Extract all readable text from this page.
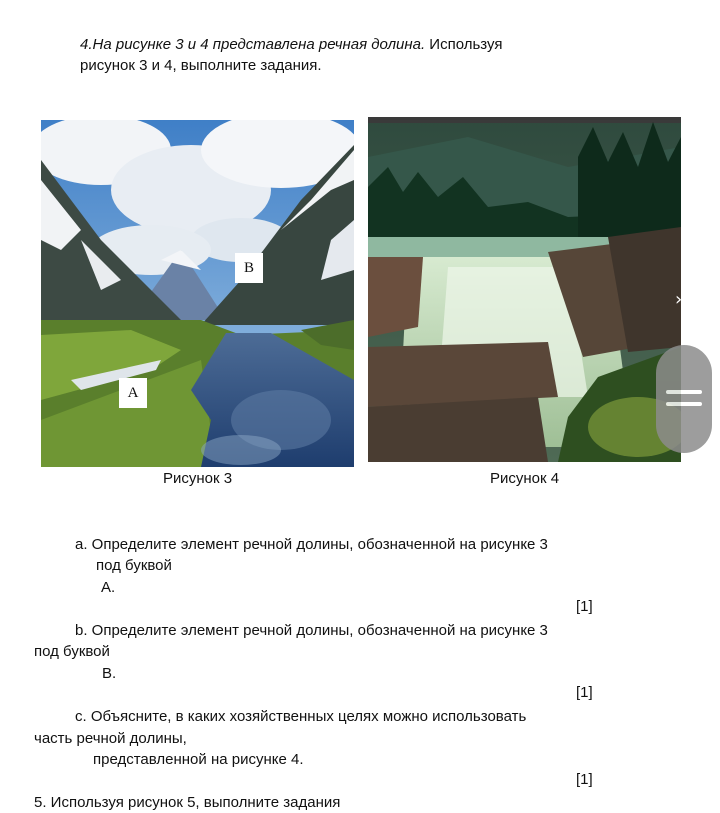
4.На рисунке 3 и 4 представлена речная долина. Используя
рисунок 3 и 4, выполните задания.
B
A
Рисунок 3	Рисунок 4
a. Определите элемент речной долины, обозначенной на рисунке 3
под буквой
A.
[1]
b. Определите элемент речной долины, обозначенной на рисунке 3
под буквой
B.
[1]
c. Объясните, в каких хозяйственных целях можно использовать
часть речной долины,
представленной на рисунке 4.
[1]
5. Используя рисунок 5, выполните задания
›
